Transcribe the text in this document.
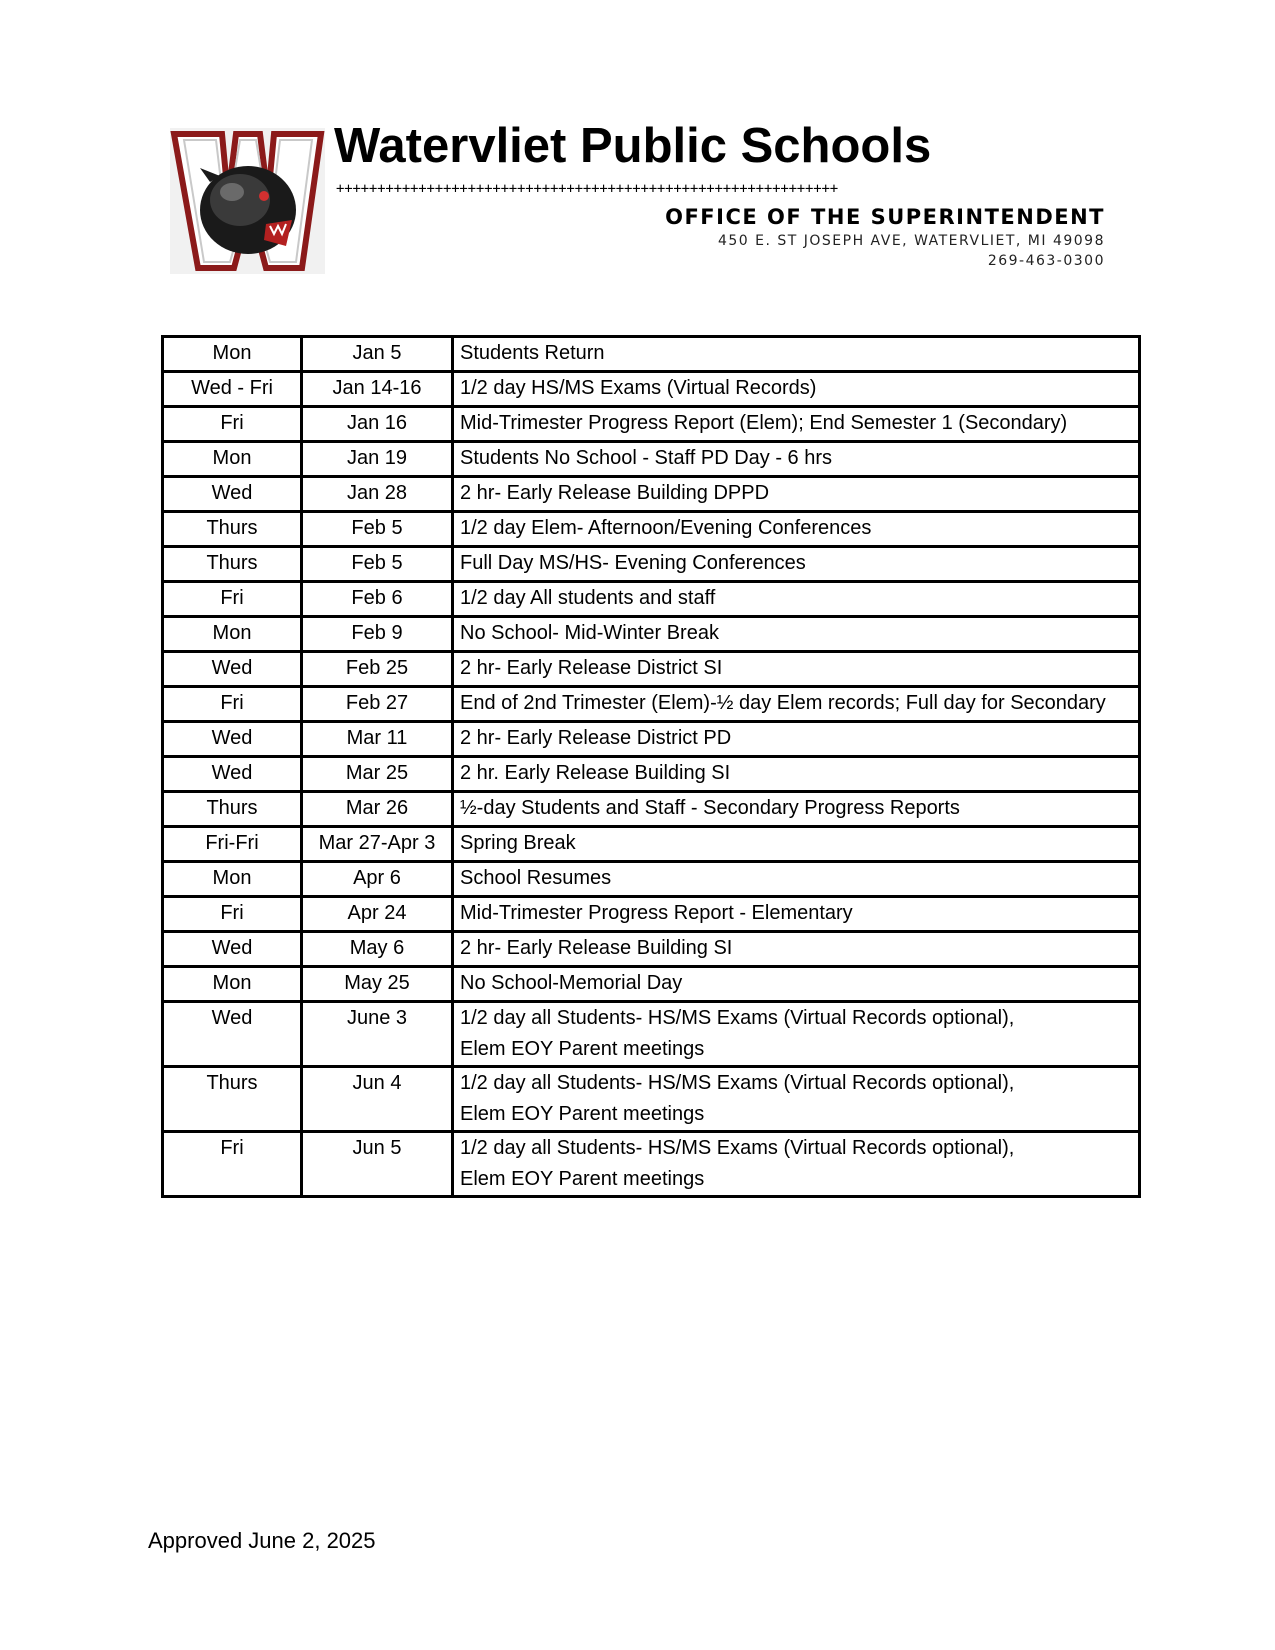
Watervliet Public Schools
+++++++++++++++++++++++++++++++++++++++++++++++++++++++++++++
OFFICE OF THE SUPERINTENDENT
450 E. ST JOSEPH AVE, WATERVLIET, MI 49098
269-463-0300
Mon	Jan 5	Students Return

Wed - Fri	Jan 14-16	1/2 day HS/MS Exams (Virtual Records)

Fri	Jan 16	Mid-Trimester Progress Report (Elem); End Semester 1 (Secondary)

Mon	Jan 19	Students No School - Staff PD Day - 6 hrs

Wed	Jan 28	2 hr- Early Release Building DPPD

Thurs	Feb 5	1/2 day Elem- Afternoon/Evening Conferences

Thurs	Feb 5	Full Day MS/HS- Evening Conferences

Fri	Feb 6	1/2 day All students and staff

Mon	Feb 9	No School- Mid-Winter Break

Wed	Feb 25	2 hr- Early Release District SI

Fri	Feb 27	End of 2nd Trimester (Elem)-½ day Elem records; Full day for Secondary

Wed	Mar 11	2 hr- Early Release District PD

Wed	Mar 25	2 hr. Early Release Building SI

Thurs	Mar 26	½-day Students and Staff - Secondary Progress Reports

Fri-Fri	Mar 27-Apr 3	Spring Break

Mon	Apr 6	School Resumes

Fri	Apr 24	Mid-Trimester Progress Report - Elementary

Wed	May 6	2 hr- Early Release Building SI

Mon	May 25	No School-Memorial Day

Wed	June 3	1/2 day all Students- HS/MS Exams (Virtual Records optional),
Elem EOY Parent meetings

Thurs	Jun 4	1/2 day all Students- HS/MS Exams (Virtual Records optional),
Elem EOY Parent meetings

Fri	Jun 5	1/2 day all Students- HS/MS Exams (Virtual Records optional),
Elem EOY Parent meetings
Approved June 2, 2025
